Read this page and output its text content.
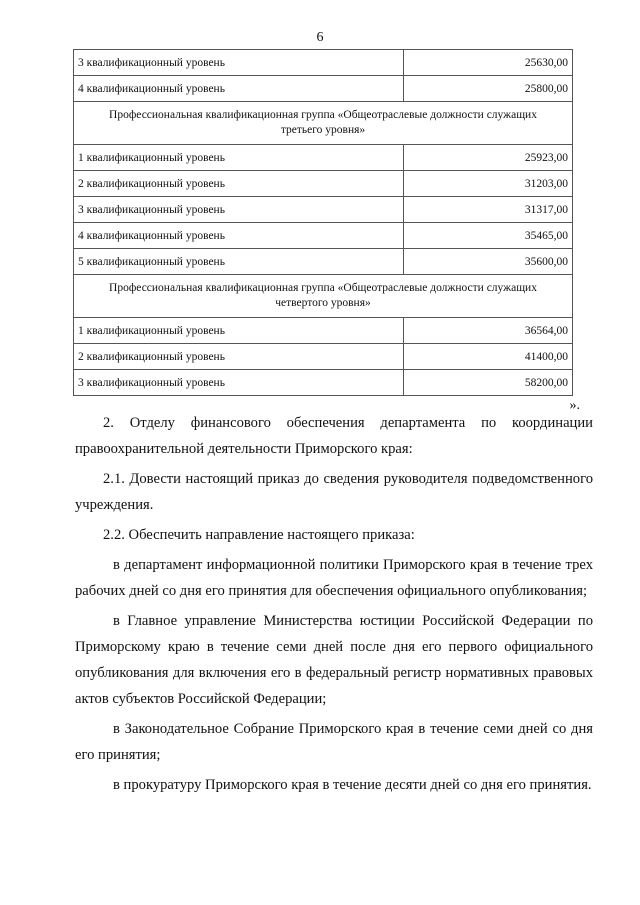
6
3 квалификационный уровень	25630,00
4 квалификационный уровень	25800,00
Профессиональная квалификационная группа «Общеотраслевые должности служащих третьего уровня»	
1 квалификационный уровень	25923,00
2 квалификационный уровень	31203,00
3 квалификационный уровень	31317,00
4 квалификационный уровень	35465,00
5 квалификационный уровень	35600,00
Профессиональная квалификационная группа «Общеотраслевые должности служащих четвертого уровня»	
1 квалификационный уровень	36564,00
2 квалификационный уровень	41400,00
3 квалификационный уровень	58200,00
».

2. Отделу финансового обеспечения департамента по координации правоохранительной деятельности Приморского края:

2.1. Довести настоящий приказ до сведения руководителя подведомственного учреждения.

2.2. Обеспечить направление настоящего приказа:

в департамент информационной политики Приморского края в течение трех рабочих дней со дня его принятия для обеспечения официального опубликования;

в Главное управление Министерства юстиции Российской Федерации по Приморскому краю в течение семи дней после дня его первого официального опубликования для включения его в федеральный регистр нормативных правовых актов субъектов Российской Федерации;

в Законодательное Собрание Приморского края в течение семи дней со дня его принятия;

в прокуратуру Приморского края в течение десяти дней со дня его принятия.
